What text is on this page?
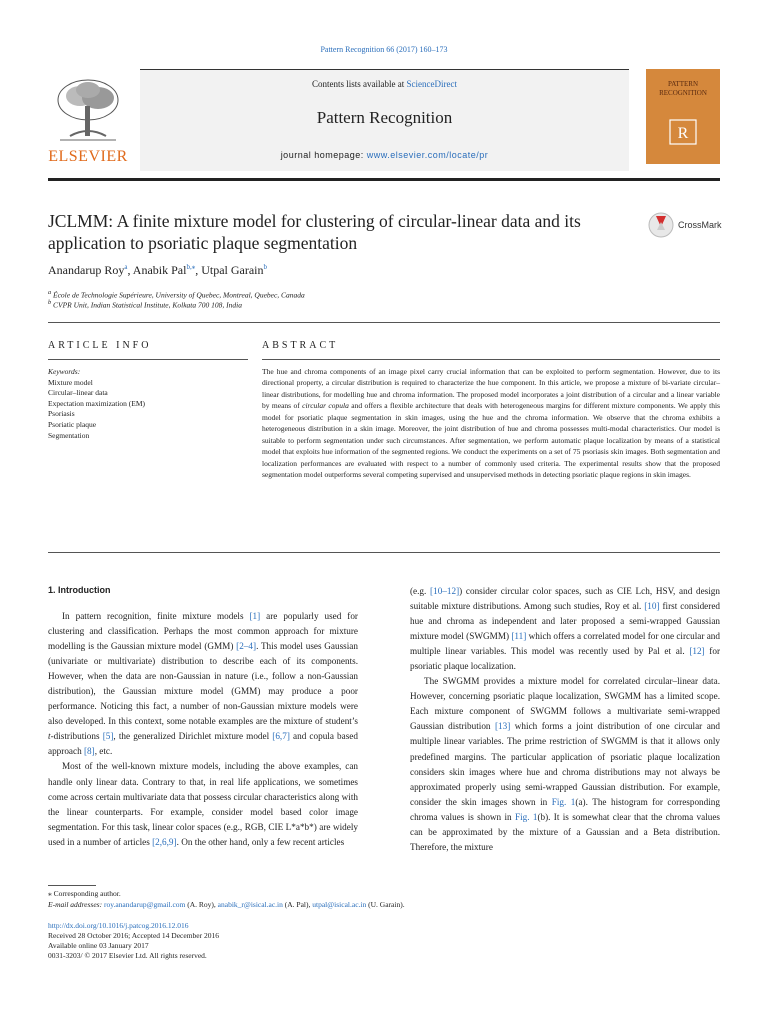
Pattern Recognition 66 (2017) 160–173
ELSEVIER
Contents lists available at ScienceDirect
Pattern Recognition
journal homepage: www.elsevier.com/locate/pr
PATTERN RECOGNITION
R
JCLMM: A finite mixture model for clustering of circular-linear data and its application to psoriatic plaque segmentation
CrossMark
Anandarup Roy$^a$, Anabik Pal$^{b,⁎}$, Utpal Garain$^b$
$^a$ École de Technologie Supérieure, University of Quebec, Montreal, Quebec, Canada
$^b$ CVPR Unit, Indian Statistical Institute, Kolkata 700 108, India
ARTICLE INFO	ABSTRACT
Keywords:
Mixture model
Circular–linear data
Expectation maximization (EM)
Psoriasis
Psoriatic plaque
Segmentation
The hue and chroma components of an image pixel carry crucial information that can be exploited to perform segmentation. However, due to its directional property, a circular distribution is required to characterize the hue component. In this article, we propose a mixture of bi-variate circular–linear distributions, for modelling hue and chroma information. The proposed model incorporates a joint distribution of a circular and a linear variable by means of circular copula and offers a flexible architecture that deals with heterogeneous margins for different mixture components. We apply this model for psoriatic plaque segmentation in skin images, using the hue and the chroma information. We observe that the chroma exhibits a heterogeneous distribution in a skin image. Moreover, the joint distribution of hue and chroma possesses multi-modal characteristics. Our model is suitable to perform segmentation under such circumstances. After segmentation, we perform automatic plaque localization by means of a statistical model that exploits hue information of the segmented regions. We conduct the experiments on a set of 75 psoriasis skin images. Both segmentation and localization performances are evaluated with respect to a number of commonly used criteria. The experimental results show that the proposed segmentation model outperforms several competing supervised and unsupervised methods in detecting psoriatic plaque regions in skin images.
1. Introduction

In pattern recognition, finite mixture models [1] are popularly used for clustering and classification. Perhaps the most common approach for mixture modelling is the Gaussian mixture model (GMM) [2–4]. This model uses Gaussian (univariate or multivariate) distribution to describe each of its components. However, when the data are non-Gaussian in nature (i.e., follow a non-Gaussian distribution), the Gaussian mixture model (GMM) may produce a poor performance. Noticing this fact, a number of non-Gaussian mixture models were also developed. In this context, some notable examples are the mixture of student’s t-distributions [5], the generalized Dirichlet mixture model [6,7] and copula based approach [8], etc.

Most of the well-known mixture models, including the above examples, can handle only linear data. Contrary to that, in real life applications, we sometimes come across certain multivariate data that possess circular characteristics along with the linear counterparts. For example, consider model based color image segmentation. For this task, linear color spaces (e.g., RGB, CIE L*a*b*) are widely used in a number of articles [2,6,9]. On the other hand, only a few recent articles

(e.g. [10–12]) consider circular color spaces, such as CIE Lch, HSV, and design suitable mixture distributions. Among such studies, Roy et al. [10] first considered hue and chroma as independent and later proposed a semi-wrapped Gaussian mixture model (SWGMM) [11] which offers a correlated model for one circular and multiple linear variables. This model was recently used by Pal et al. [12] for psoriatic plaque localization.

The SWGMM provides a mixture model for correlated circular–linear data. However, concerning psoriatic plaque localization, SWGMM has a limited scope. Each mixture component of SWGMM follows a multivariate semi-wrapped Gaussian distribution [13] which forms a joint distribution of one circular and multiple linear variables. The prime restriction of SWGMM is that it allows only predefined margins. The particular application of psoriatic plaque localization considers skin images where hue and chroma distributions may not always be approximated properly using semi-wrapped Gaussian distribution. For example, consider the skin images shown in Fig. 1(a). The histogram for corresponding chroma values is shown in Fig. 1(b). It is somewhat clear that the chroma values can be approximated by the mixture of a Gaussian and a Beta distribution. Therefore, the mixture

⁎ Corresponding author.
E-mail addresses: roy.anandarup@gmail.com (A. Roy), anabik_r@isical.ac.in (A. Pal), utpal@isical.ac.in (U. Garain).
http://dx.doi.org/10.1016/j.patcog.2016.12.016
Received 28 October 2016; Accepted 14 December 2016
Available online 03 January 2017
0031-3203/ © 2017 Elsevier Ltd. All rights reserved.
